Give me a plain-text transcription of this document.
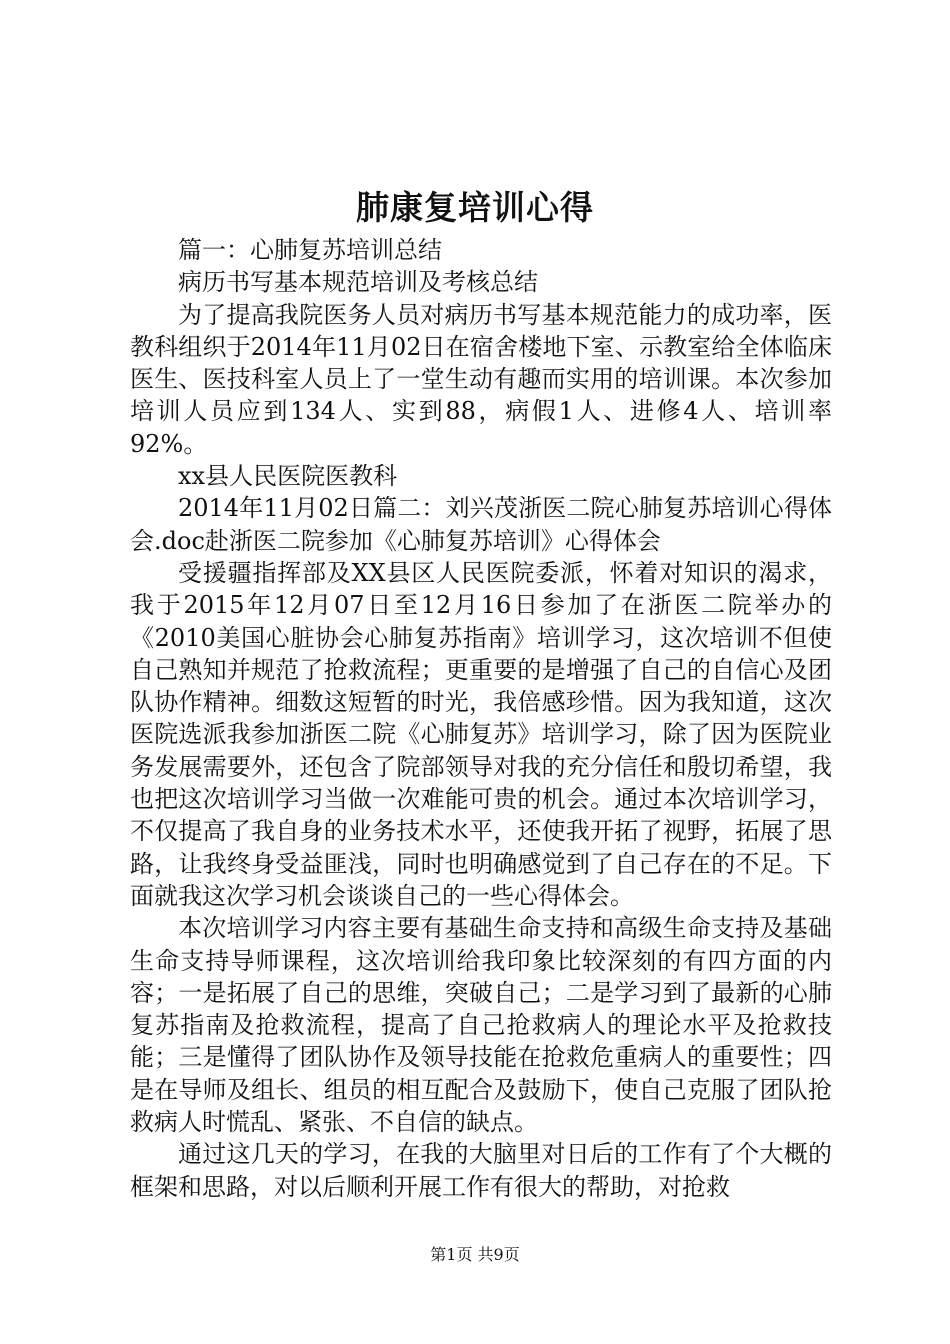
肺康复培训心得

篇一：心肺复苏培训总结

病历书写基本规范培训及考核总结

为了提高我院医务人员对病历书写基本规范能力的成功率，医教科组织于2014年11月02日在宿舍楼地下室、示教室给全体临床医生、医技科室人员上了一堂生动有趣而实用的培训课。本次参加培训人员应到134人、实到88，病假1人、进修4人、培训率92%。

xx县人民医院医教科

2014年11月02日篇二：刘兴茂浙医二院心肺复苏培训心得体会.doc赴浙医二院参加《心肺复苏培训》心得体会

受援疆指挥部及XX县区人民医院委派，怀着对知识的渴求，我于2015年12月07日至12月16日参加了在浙医二院举办的《2010美国心脏协会心肺复苏指南》培训学习，这次培训不但使自己熟知并规范了抢救流程；更重要的是增强了自己的自信心及团队协作精神。细数这短暂的时光，我倍感珍惜。因为我知道，这次医院选派我参加浙医二院《心肺复苏》培训学习，除了因为医院业务发展需要外，还包含了院部领导对我的充分信任和殷切希望，我也把这次培训学习当做一次难能可贵的机会。通过本次培训学习，不仅提高了我自身的业务技术水平，还使我开拓了视野，拓展了思路，让我终身受益匪浅，同时也明确感觉到了自己存在的不足。下面就我这次学习机会谈谈自己的一些心得体会。

本次培训学习内容主要有基础生命支持和高级生命支持及基础生命支持导师课程，这次培训给我印象比较深刻的有四方面的内容；一是拓展了自己的思维，突破自己；二是学习到了最新的心肺复苏指南及抢救流程，提高了自己抢救病人的理论水平及抢救技能；三是懂得了团队协作及领导技能在抢救危重病人的重要性；四是在导师及组长、组员的相互配合及鼓励下，使自己克服了团队抢救病人时慌乱、紧张、不自信的缺点。

通过这几天的学习，在我的大脑里对日后的工作有了个大概的框架和思路，对以后顺利开展工作有很大的帮助，对抢救

第1页 共9页
